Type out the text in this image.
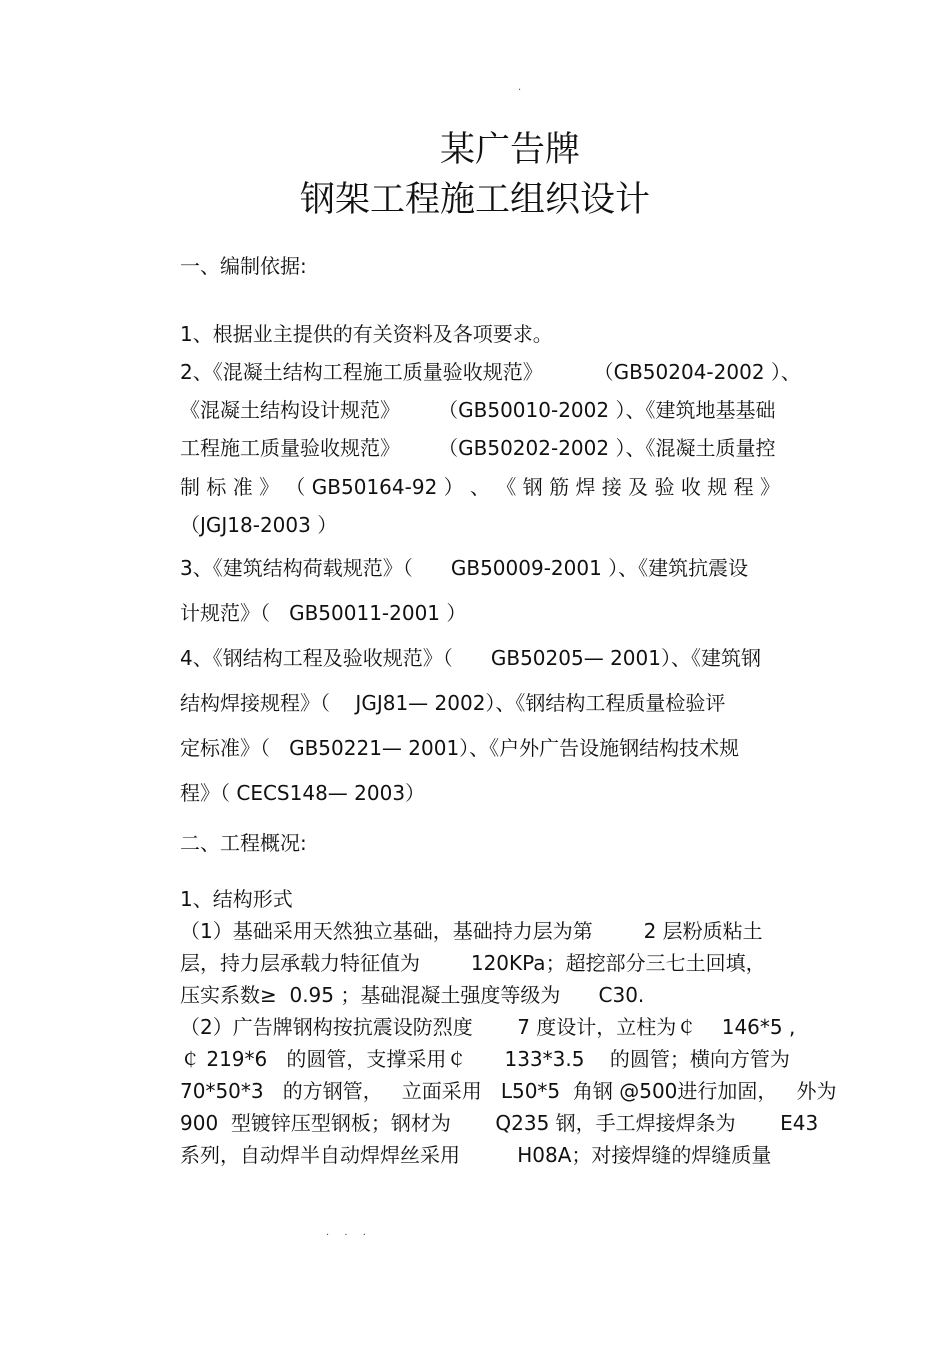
.
某广告牌
钢架工程施工组织设计
一、编制依据:
1、根据业主提供的有关资料及各项要求。
2、《混凝土结构工程施工质量验收规范》        （GB50204-2002 ）、
《混凝土结构设计规范》      （GB50010-2002 ）、《建筑地基基础
工程施工质量验收规范》      （GB50202-2002 ）、《混凝土质量控
制 标 准 》 （ GB50164-92 ） 、 《 钢 筋 焊 接 及 验 收 规 程 》
（JGJ18-2003 ）
3、《建筑结构荷载规范》（      GB50009-2001 ）、《建筑抗震设
计规范》（   GB50011-2001 ）
4、《钢结构工程及验收规范》（      GB50205— 2001）、《建筑钢
结构焊接规程》（    JGJ81— 2002）、《钢结构工程质量检验评
定标准》（   GB50221— 2001）、《户外广告设施钢结构技术规
程》（ CECS148— 2003）
二、工程概况:
1、结构形式
（1）基础采用天然独立基础，基础持力层为第        2 层粉质粘土
层，持力层承载力特征值为        120KPa；超挖部分三七土回填，
压实系数≥  0.95 ；基础混凝土强度等级为      C30.
（2）广告牌钢构按抗震设防烈度       7 度设计，立柱为￠    146*5 ,
￠ 219*6   的圆管，支撑采用￠      133*3.5    的圆管；横向方管为
70*50*3   的方钢管，   立面采用   L50*5  角钢 @500进行加固，   外为
900  型镀锌压型钢板；钢材为       Q235 钢，手工焊接焊条为       E43
系列，自动焊半自动焊焊丝采用         H08A；对接焊缝的焊缝质量
. . .
